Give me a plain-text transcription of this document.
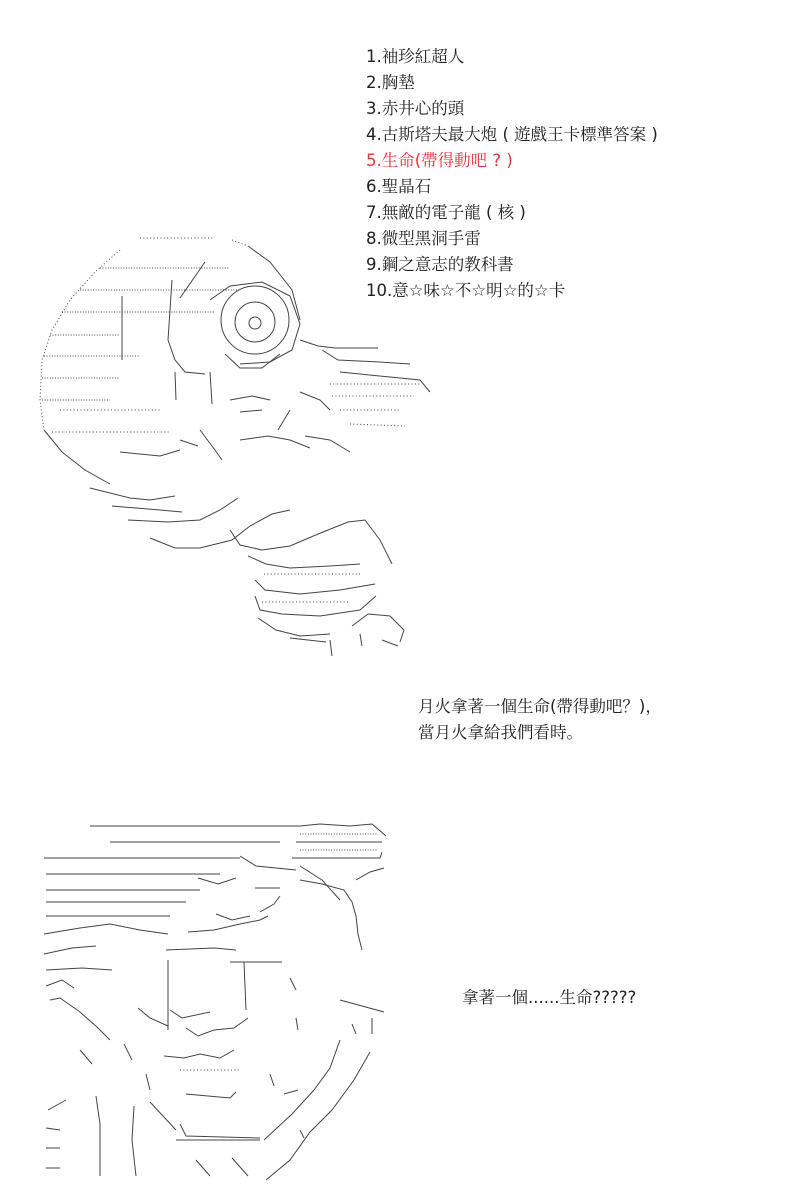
1.袖珍紅超人
2.胸墊
3.赤井心的頭
4.古斯塔夫最大炮 ( 遊戲王卡標準答案 )
5.生命(帶得動吧 ? )
6.聖晶石
7.無敵的電子龍 ( 核 )
8.微型黑洞手雷
9.鋼之意志的教科書
10.意☆味☆不☆明☆的☆卡

月火拿著一個生命(帶得動吧？)，

當月火拿給我們看時。

拿著一個......生命?????
